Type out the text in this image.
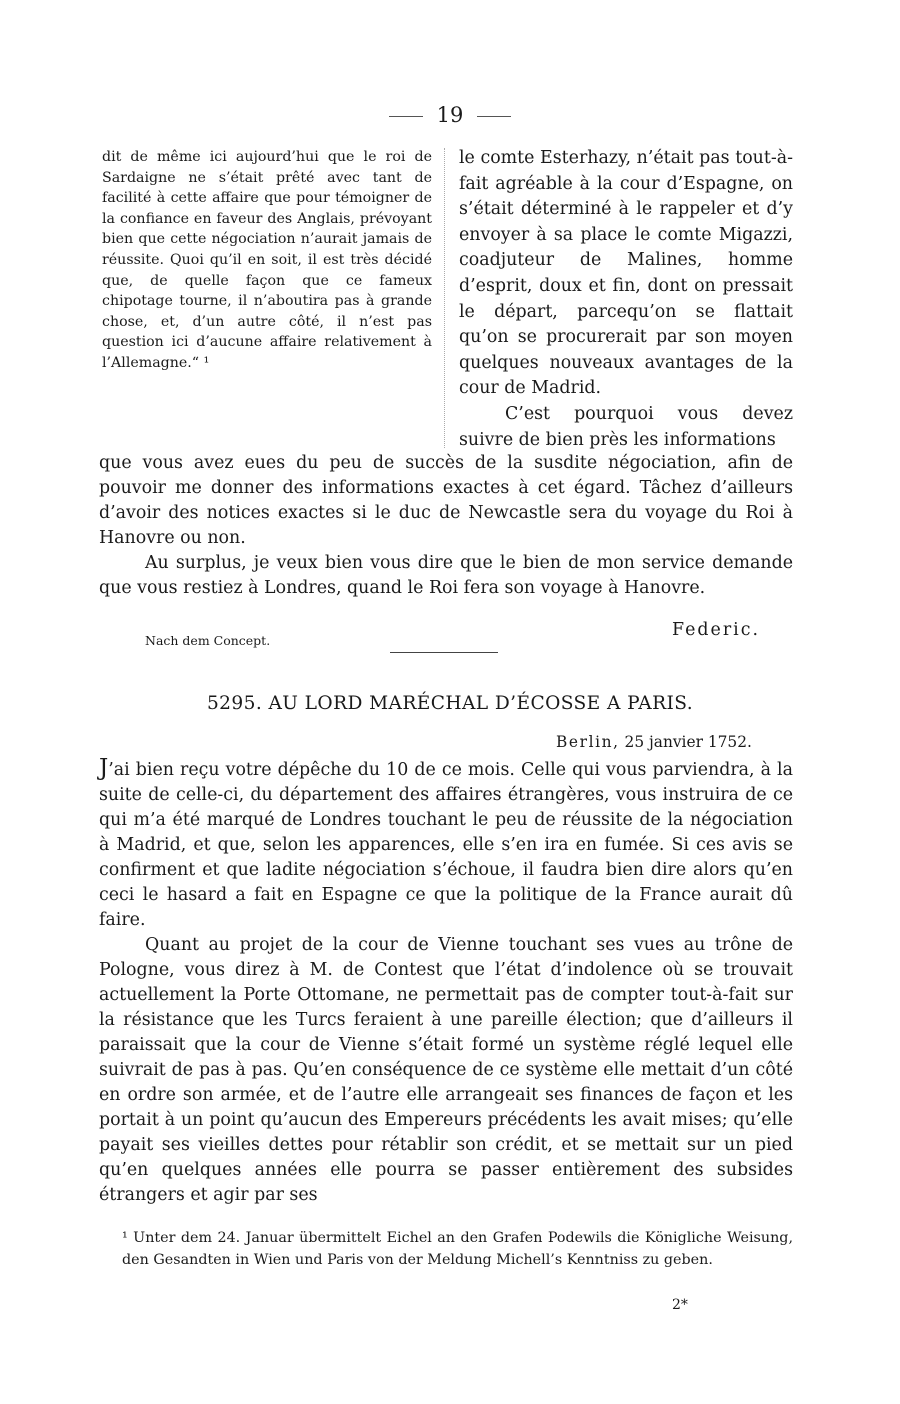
19

dit de même ici aujourd’hui que le roi de Sardaigne ne s’était prêté avec tant de facilité à cette affaire que pour témoigner de la confiance en faveur des Anglais, prévoyant bien que cette négociation n’aurait jamais de réussite. Quoi qu’il en soit, il est très décidé que, de quelle façon que ce fameux chipotage tourne, il n’aboutira pas à grande chose, et, d’un autre côté, il n’est pas question ici d’aucune affaire relativement à l’Allemagne.“ ¹

le comte Esterhazy, n’était pas tout-à-fait agréable à la cour d’Espagne, on s’était déterminé à le rappeler et d’y envoyer à sa place le comte Migazzi, coadjuteur de Malines, homme d’esprit, doux et fin, dont on pressait le départ, parcequ’on se flattait qu’on se procurerait par son moyen quelques nouveaux avantages de la cour de Madrid.

C’est pourquoi vous devez suivre de bien près les informations

que vous avez eues du peu de succès de la susdite négociation, afin de pouvoir me donner des informations exactes à cet égard. Tâchez d’ailleurs d’avoir des notices exactes si le duc de Newcastle sera du voyage du Roi à Hanovre ou non.

Au surplus, je veux bien vous dire que le bien de mon service demande que vous restiez à Londres, quand le Roi fera son voyage à Hanovre.

Federic.
Nach dem Concept.
5295. AU LORD MARÉCHAL D’ÉCOSSE A PARIS.
Berlin, 25 janvier 1752.

J’ai bien reçu votre dépêche du 10 de ce mois. Celle qui vous parviendra, à la suite de celle-ci, du département des affaires étrangères, vous instruira de ce qui m’a été marqué de Londres touchant le peu de réussite de la négociation à Madrid, et que, selon les apparences, elle s’en ira en fumée. Si ces avis se confirment et que ladite négociation s’échoue, il faudra bien dire alors qu’en ceci le hasard a fait en Espagne ce que la politique de la France aurait dû faire.

Quant au projet de la cour de Vienne touchant ses vues au trône de Pologne, vous direz à M. de Contest que l’état d’indolence où se trouvait actuellement la Porte Ottomane, ne permettait pas de compter tout-à-fait sur la résistance que les Turcs feraient à une pareille élection; que d’ailleurs il paraissait que la cour de Vienne s’était formé un système réglé lequel elle suivrait de pas à pas. Qu’en conséquence de ce système elle mettait d’un côté en ordre son armée, et de l’autre elle arrangeait ses finances de façon et les portait à un point qu’aucun des Empereurs précédents les avait mises; qu’elle payait ses vieilles dettes pour rétablir son crédit, et se mettait sur un pied qu’en quelques années elle pourra se passer entièrement des subsides étrangers et agir par ses

¹ Unter dem 24. Januar übermittelt Eichel an den Grafen Podewils die Königliche Weisung, den Gesandten in Wien und Paris von der Meldung Michell’s Kenntniss zu geben.

2*
